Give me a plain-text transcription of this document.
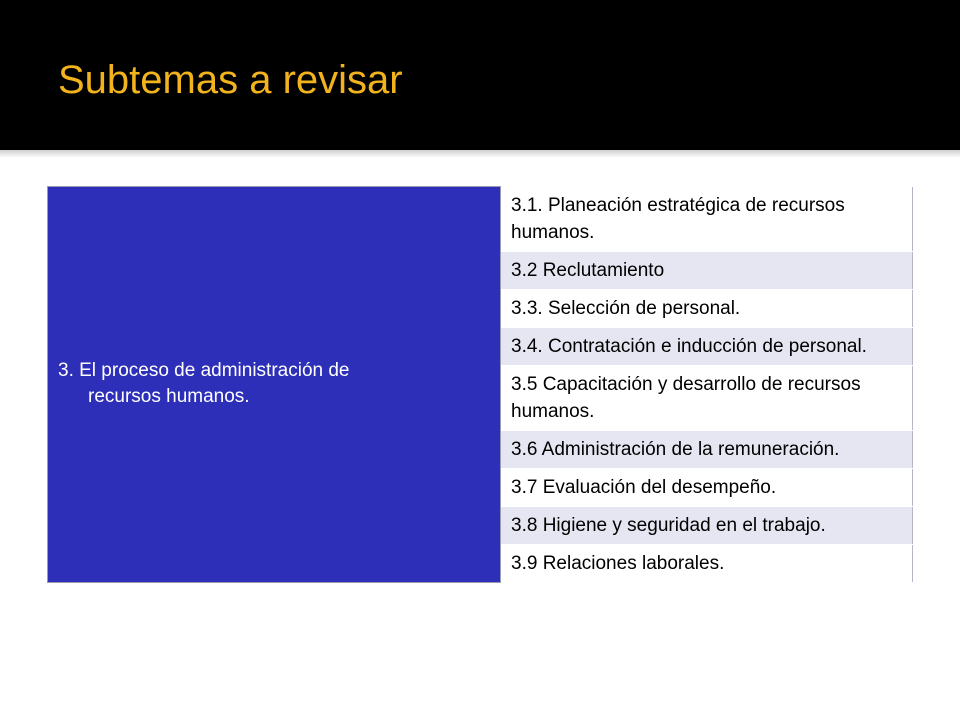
Subtemas a revisar
3. El proceso de administración de
recursos humanos.
	3.1. Planeación estratégica de recursos humanos.
3.2 Reclutamiento
3.3. Selección de personal.
3.4. Contratación e inducción de personal.
3.5 Capacitación y desarrollo de recursos humanos.
3.6 Administración de la remuneración.
3.7 Evaluación del desempeño.
3.8 Higiene y seguridad en el trabajo.
3.9 Relaciones laborales.
